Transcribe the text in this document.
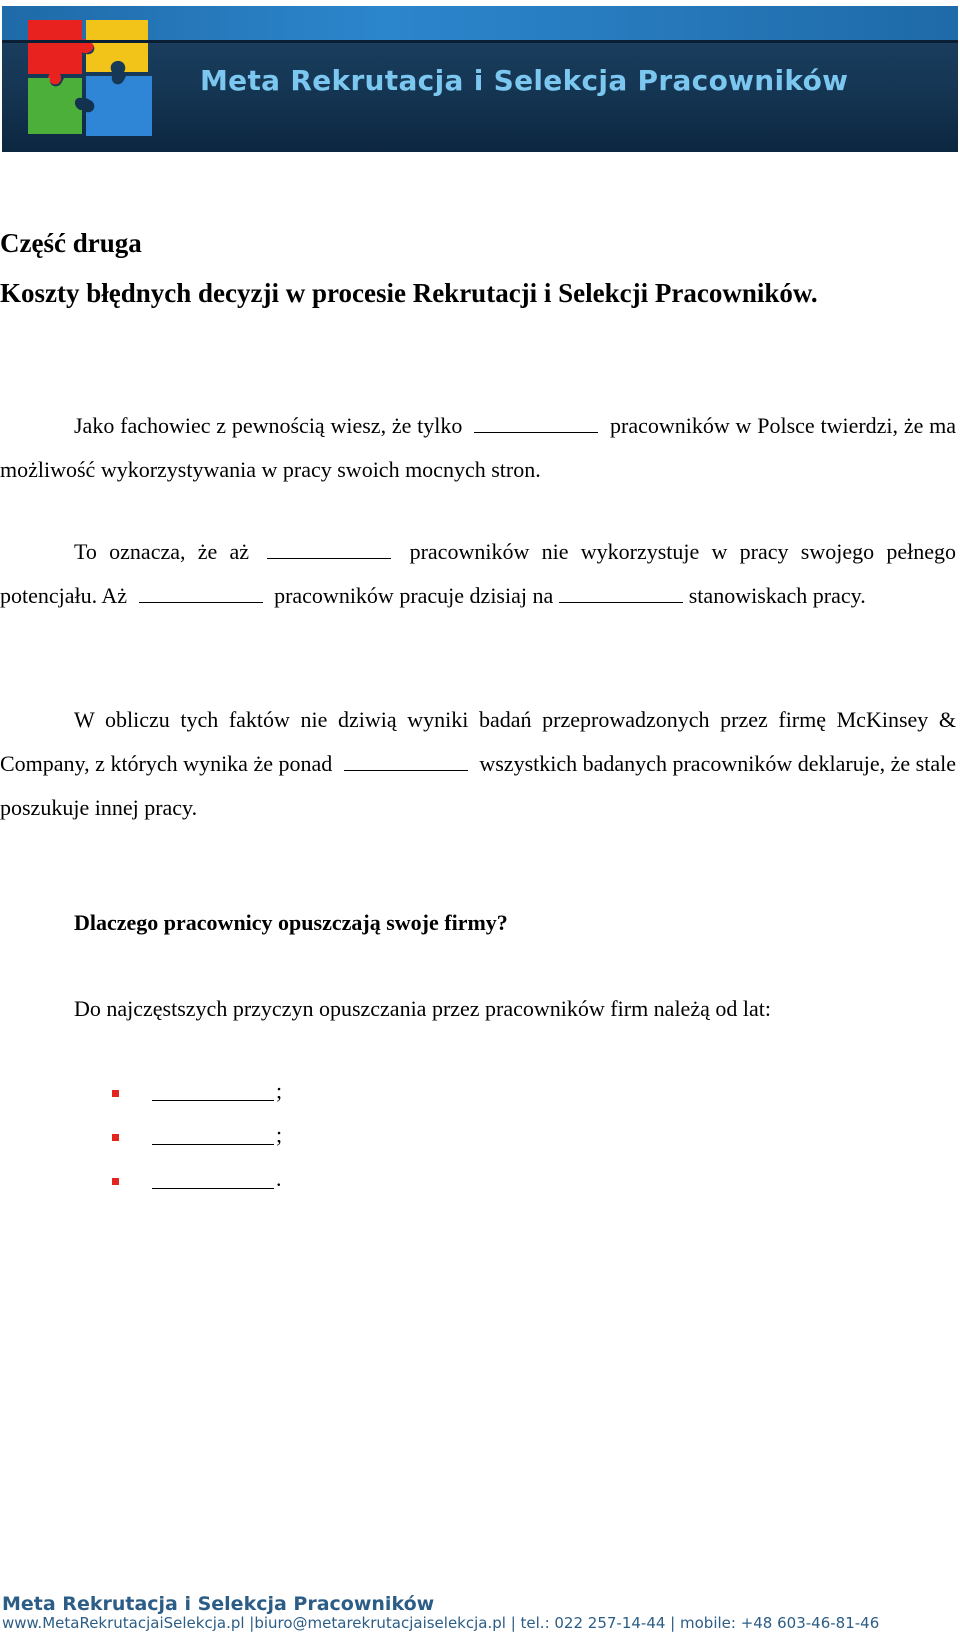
Meta Rekrutacja i Selekcja Pracowników
Część druga
Koszty błędnych decyzji w procesie Rekrutacji i Selekcji Pracowników.
Jako fachowiec z pewnością wiesz, że tylko	pracowników w Polsce twierdzi, że ma możliwość wykorzystywania w pracy swoich mocnych stron.
To oznacza, że aż	pracowników nie wykorzystuje w pracy swojego pełnego potencjału. Aż	pracowników pracuje dzisiaj na	stanowiskach pracy.
W obliczu tych faktów nie dziwią wyniki badań przeprowadzonych przez firmę McKinsey & Company, z których wynika że ponad	wszystkich badanych pracowników deklaruje, że stale poszukuje innej pracy.
Dlaczego pracownicy opuszczają swoje firmy?
Do najczęstszych przyczyn opuszczania przez pracowników firm należą od lat:
;
;
.
Meta Rekrutacja i Selekcja Pracowników
www.MetaRekrutacjaiSelekcja.pl |biuro@metarekrutacjaiselekcja.pl | tel.: 022 257-14-44 | mobile: +48 603-46-81-46
